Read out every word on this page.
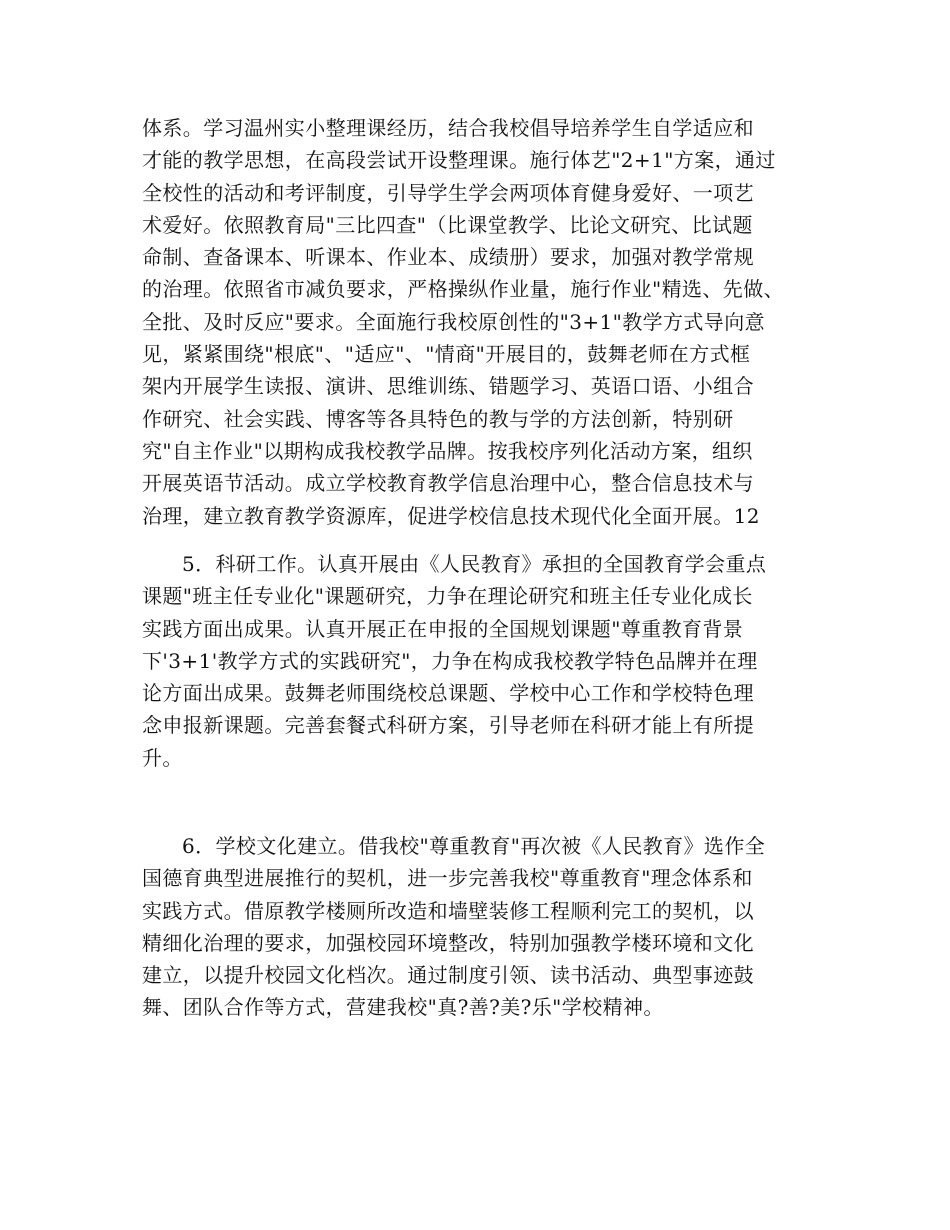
体系。学习温州实小整理课经历，结合我校倡导培养学生自学适应和
才能的教学思想，在高段尝试开设整理课。施行体艺"2+1"方案，通过
全校性的活动和考评制度，引导学生学会两项体育健身爱好、一项艺
术爱好。依照教育局"三比四查"（比课堂教学、比论文研究、比试题
命制、查备课本、听课本、作业本、成绩册）要求，加强对教学常规
的治理。依照省市减负要求，严格操纵作业量，施行作业"精选、先做、
全批、及时反应"要求。全面施行我校原创性的"3+1"教学方式导向意
见，紧紧围绕"根底"、"适应"、"情商"开展目的，鼓舞老师在方式框
架内开展学生读报、演讲、思维训练、错题学习、英语口语、小组合
作研究、社会实践、博客等各具特色的教与学的方法创新，特别研
究"自主作业"以期构成我校教学品牌。按我校序列化活动方案，组织
开展英语节活动。成立学校教育教学信息治理中心，整合信息技术与
治理，建立教育教学资源库，促进学校信息技术现代化全面开展。12
5．科研工作。认真开展由《人民教育》承担的全国教育学会重点
课题"班主任专业化"课题研究，力争在理论研究和班主任专业化成长
实践方面出成果。认真开展正在申报的全国规划课题"尊重教育背景
下'3+1'教学方式的实践研究"，力争在构成我校教学特色品牌并在理
论方面出成果。鼓舞老师围绕校总课题、学校中心工作和学校特色理
念申报新课题。完善套餐式科研方案，引导老师在科研才能上有所提
升。
6．学校文化建立。借我校"尊重教育"再次被《人民教育》选作全
国德育典型进展推行的契机，进一步完善我校"尊重教育"理念体系和
实践方式。借原教学楼厕所改造和墙壁装修工程顺利完工的契机，以
精细化治理的要求，加强校园环境整改，特别加强教学楼环境和文化
建立，以提升校园文化档次。通过制度引领、读书活动、典型事迹鼓
舞、团队合作等方式，营建我校"真?善?美?乐"学校精神。
